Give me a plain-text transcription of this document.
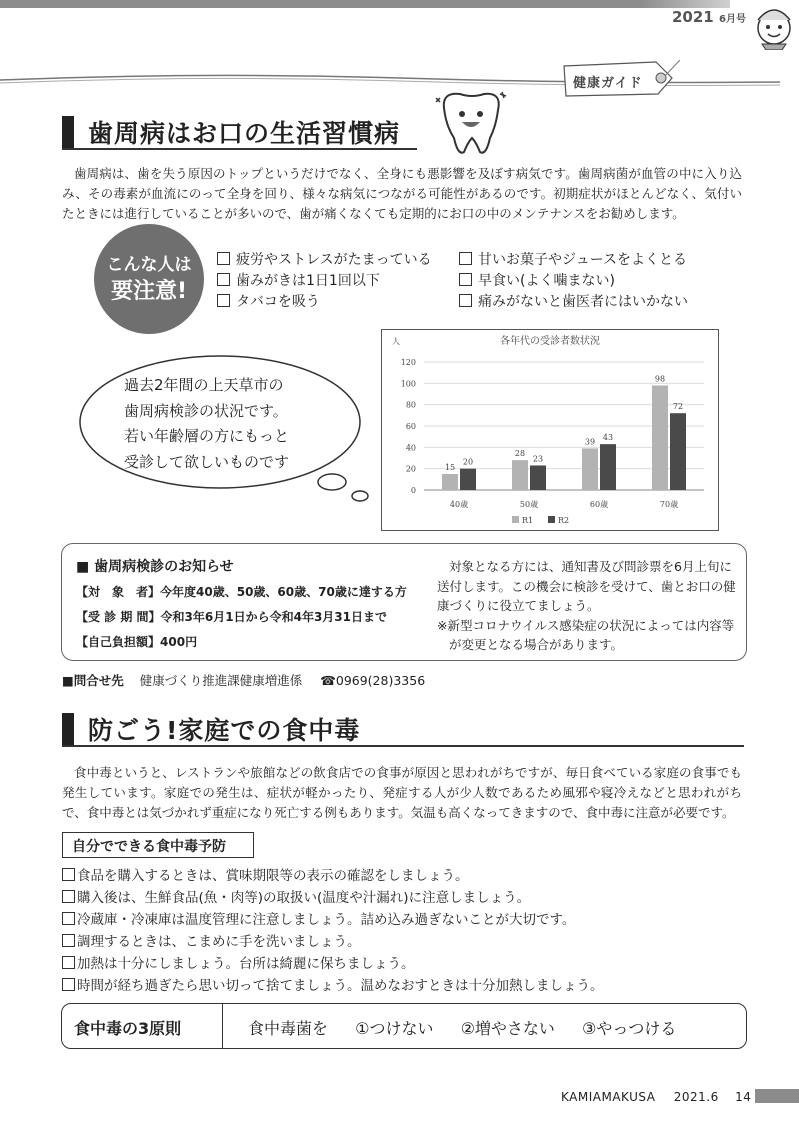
2021 6月号
健康ガイド
歯周病はお口の生活習慣病
歯周病は、歯を失う原因のトップというだけでなく、全身にも悪影響を及ぼす病気です。歯周病菌が血管の中に入り込み、その毒素が血流にのって全身を回り、様々な病気につながる可能性があるのです。初期症状がほとんどなく、気付いたときには進行していることが多いので、歯が痛くなくても定期的にお口の中のメンテナンスをお勧めします。
こんな人は
要注意!
疲労やストレスがたまっている
歯みがきは1日1回以下
タバコを吸う
甘いお菓子やジュースをよくとる
早食い(よく噛まない)
痛みがないと歯医者にはいかない
過去2年間の上天草市の
歯周病検診の状況です。
若い年齢層の方にもっと
受診して欲しいものです
各年代の受診者数状況
人
0
20
40
60
80
100
120
40歳
15
20
50歳
28
23
60歳
39 43
70歳
98
72
R1	R2
■ 歯周病検診のお知らせ
【対　象　者】今年度40歳、50歳、60歳、70歳に達する方
【受 診 期 間】令和3年6月1日から令和4年3月31日まで
【自己負担額】400円

対象となる方には、通知書及び問診票を6月上旬に送付します。この機会に検診を受けて、歯とお口の健康づくりに役立てましょう。

※新型コロナウイルス感染症の状況によっては内容等が変更となる場合があります。

■問合せ先 健康づくり推進課健康増進係 ☎0969(28)3356
防ごう!家庭での食中毒
食中毒というと、レストランや旅館などの飲食店での食事が原因と思われがちですが、毎日食べている家庭の食事でも発生しています。家庭での発生は、症状が軽かったり、発症する人が少人数であるため風邪や寝冷えなどと思われがちで、食中毒とは気づかれず重症になり死亡する例もあります。気温も高くなってきますので、食中毒に注意が必要です。
自分でできる食中毒予防
食品を購入するときは、賞味期限等の表示の確認をしましょう。
購入後は、生鮮食品(魚・肉等)の取扱い(温度や汁漏れ)に注意しましょう。
冷蔵庫・冷凍庫は温度管理に注意しましょう。詰め込み過ぎないことが大切です。
調理するときは、こまめに手を洗いましょう。
加熱は十分にしましょう。台所は綺麗に保ちましょう。
時間が経ち過ぎたら思い切って捨てましょう。温めなおすときは十分加熱しましょう。
食中毒の3原則	食中毒菌を ①つけない ②増やさない ③やっつける
KAMIAMAKUSA 2021.6 14
